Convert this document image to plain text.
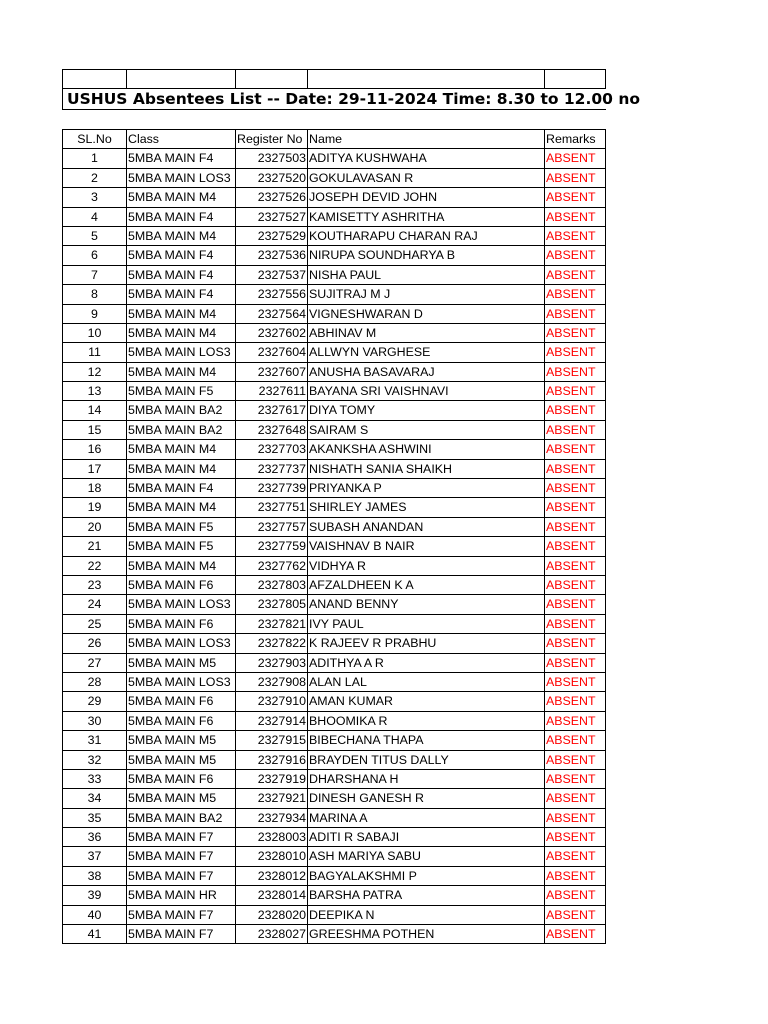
USHUS Absentees List -- Date: 29-11-2024 Time: 8.30 to 12.00 no
SL.No	Class	Register No Name	Remarks
1	5MBA MAIN F4	2327503 ADITYA KUSHWAHA	ABSENT
2	5MBA MAIN LOS3	2327520 GOKULAVASAN R	ABSENT
3	5MBA MAIN M4	2327526 JOSEPH DEVID JOHN	ABSENT
4	5MBA MAIN F4	2327527 KAMISETTY ASHRITHA	ABSENT
5	5MBA MAIN M4	2327529 KOUTHARAPU CHARAN RAJ	ABSENT
6	5MBA MAIN F4	2327536 NIRUPA SOUNDHARYA B	ABSENT
7	5MBA MAIN F4	2327537 NISHA PAUL	ABSENT
8	5MBA MAIN F4	2327556 SUJITRAJ M J	ABSENT
9	5MBA MAIN M4	2327564 VIGNESHWARAN D	ABSENT
10	5MBA MAIN M4	2327602 ABHINAV M	ABSENT
11	5MBA MAIN LOS3	2327604 ALLWYN VARGHESE	ABSENT
12	5MBA MAIN M4	2327607 ANUSHA BASAVARAJ	ABSENT
13	5MBA MAIN F5	2327611 BAYANA SRI VAISHNAVI	ABSENT
14	5MBA MAIN BA2	2327617 DIYA TOMY	ABSENT
15	5MBA MAIN BA2	2327648 SAIRAM S	ABSENT
16	5MBA MAIN M4	2327703 AKANKSHA ASHWINI	ABSENT
17	5MBA MAIN M4	2327737 NISHATH SANIA SHAIKH	ABSENT
18	5MBA MAIN F4	2327739 PRIYANKA P	ABSENT
19	5MBA MAIN M4	2327751 SHIRLEY JAMES	ABSENT
20	5MBA MAIN F5	2327757 SUBASH ANANDAN	ABSENT
21	5MBA MAIN F5	2327759 VAISHNAV B NAIR	ABSENT
22	5MBA MAIN M4	2327762 VIDHYA R	ABSENT
23	5MBA MAIN F6	2327803 AFZALDHEEN K A	ABSENT
24	5MBA MAIN LOS3	2327805 ANAND BENNY	ABSENT
25	5MBA MAIN F6	2327821 IVY PAUL	ABSENT
26	5MBA MAIN LOS3	2327822 K RAJEEV R PRABHU	ABSENT
27	5MBA MAIN M5	2327903 ADITHYA A R	ABSENT
28	5MBA MAIN LOS3	2327908 ALAN LAL	ABSENT
29	5MBA MAIN F6	2327910 AMAN KUMAR	ABSENT
30	5MBA MAIN F6	2327914 BHOOMIKA R	ABSENT
31	5MBA MAIN M5	2327915 BIBECHANA THAPA	ABSENT
32	5MBA MAIN M5	2327916 BRAYDEN TITUS DALLY	ABSENT
33	5MBA MAIN F6	2327919 DHARSHANA H	ABSENT
34	5MBA MAIN M5	2327921 DINESH GANESH R	ABSENT
35	5MBA MAIN BA2	2327934 MARINA A	ABSENT
36	5MBA MAIN F7	2328003 ADITI R SABAJI	ABSENT
37	5MBA MAIN F7	2328010 ASH MARIYA SABU	ABSENT
38	5MBA MAIN F7	2328012 BAGYALAKSHMI P	ABSENT
39	5MBA MAIN HR	2328014 BARSHA PATRA	ABSENT
40	5MBA MAIN F7	2328020 DEEPIKA N	ABSENT
41	5MBA MAIN F7	2328027 GREESHMA POTHEN	ABSENT
